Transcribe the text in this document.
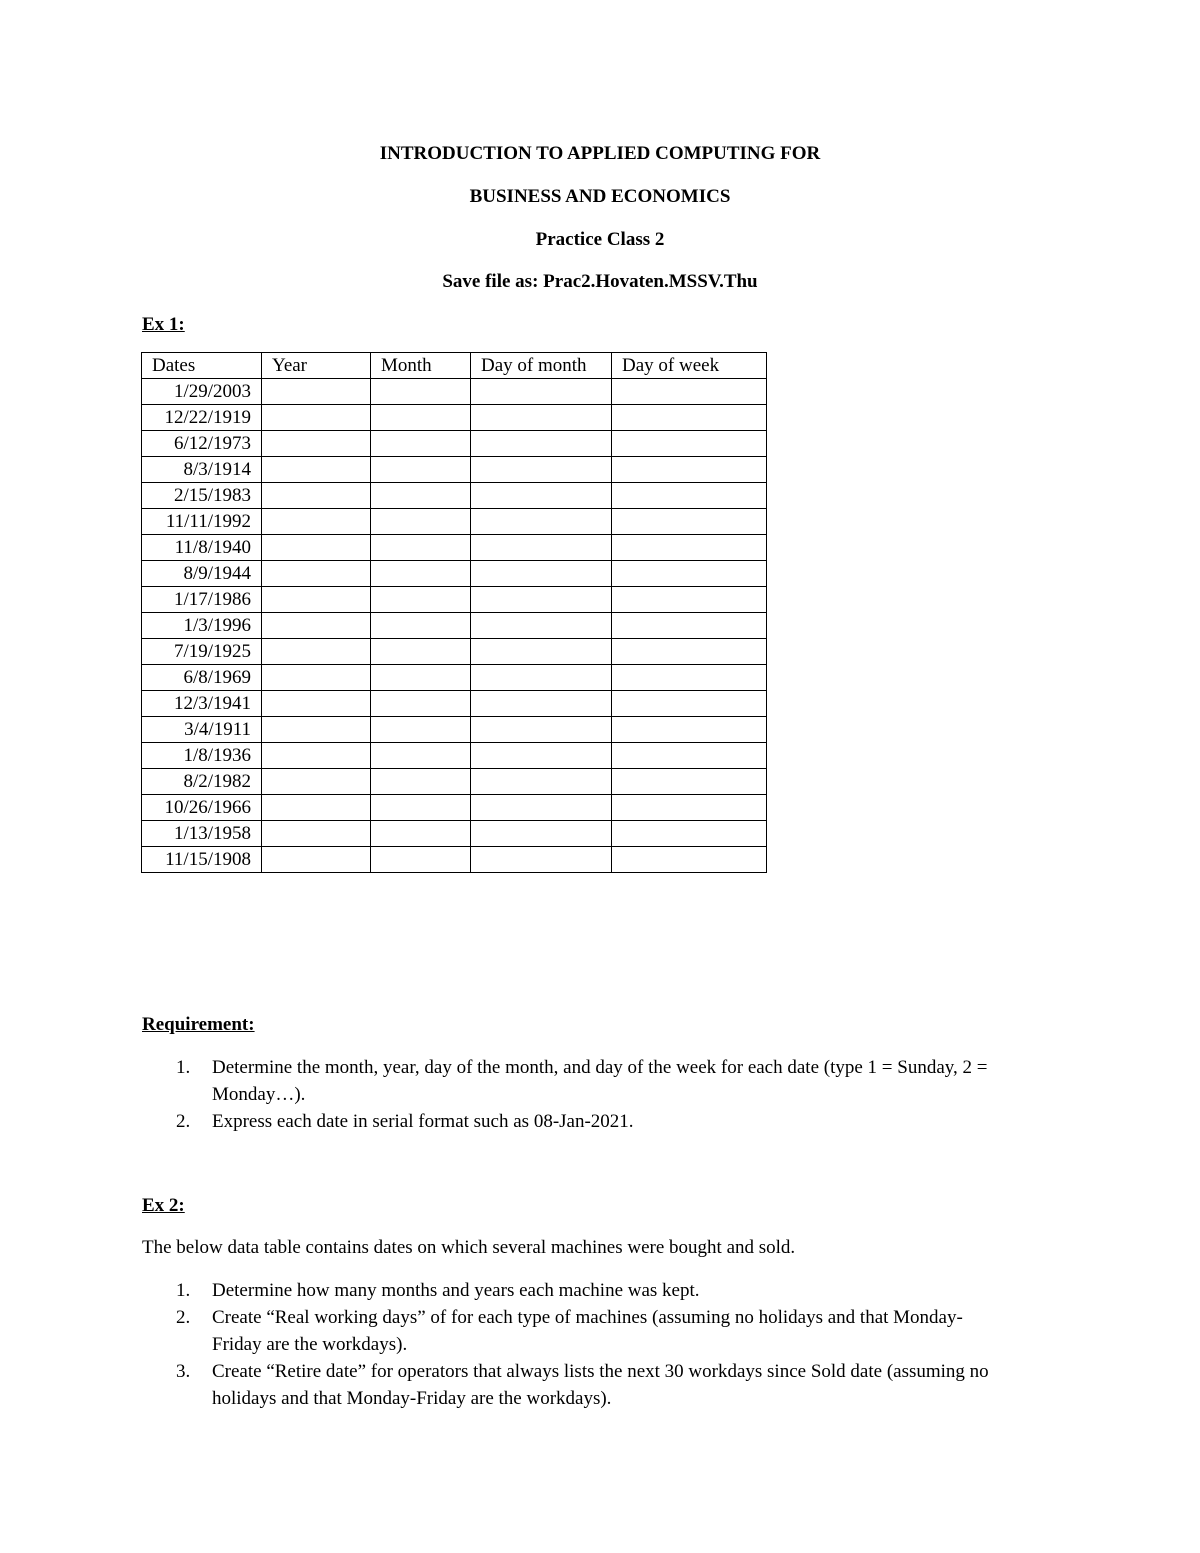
INTRODUCTION TO APPLIED COMPUTING FOR

BUSINESS AND ECONOMICS

Practice Class 2

Save file as: Prac2.Hovaten.MSSV.Thu

Ex 1:

Dates	Year	Month	Day of month	Day of week
1/29/2003				
12/22/1919				
6/12/1973				
8/3/1914				
2/15/1983				
11/11/1992				
11/8/1940				
8/9/1944				
1/17/1986				
1/3/1996				
7/19/1925				
6/8/1969				
12/3/1941				
3/4/1911				
1/8/1936				
8/2/1982				
10/26/1966				
1/13/1958				
11/15/1908				

Requirement:

1. Determine the month, year, day of the month, and day of the week for each date (type 1 = Sunday, 2 = Monday…).
2. Express each date in serial format such as 08-Jan-2021.

Ex 2:

The below data table contains dates on which several machines were bought and sold.

1. Determine how many months and years each machine was kept.
2. Create “Real working days” of for each type of machines (assuming no holidays and that Monday-Friday are the workdays).
3. Create “Retire date” for operators that always lists the next 30 workdays since Sold date (assuming no holidays and that Monday-Friday are the workdays).
